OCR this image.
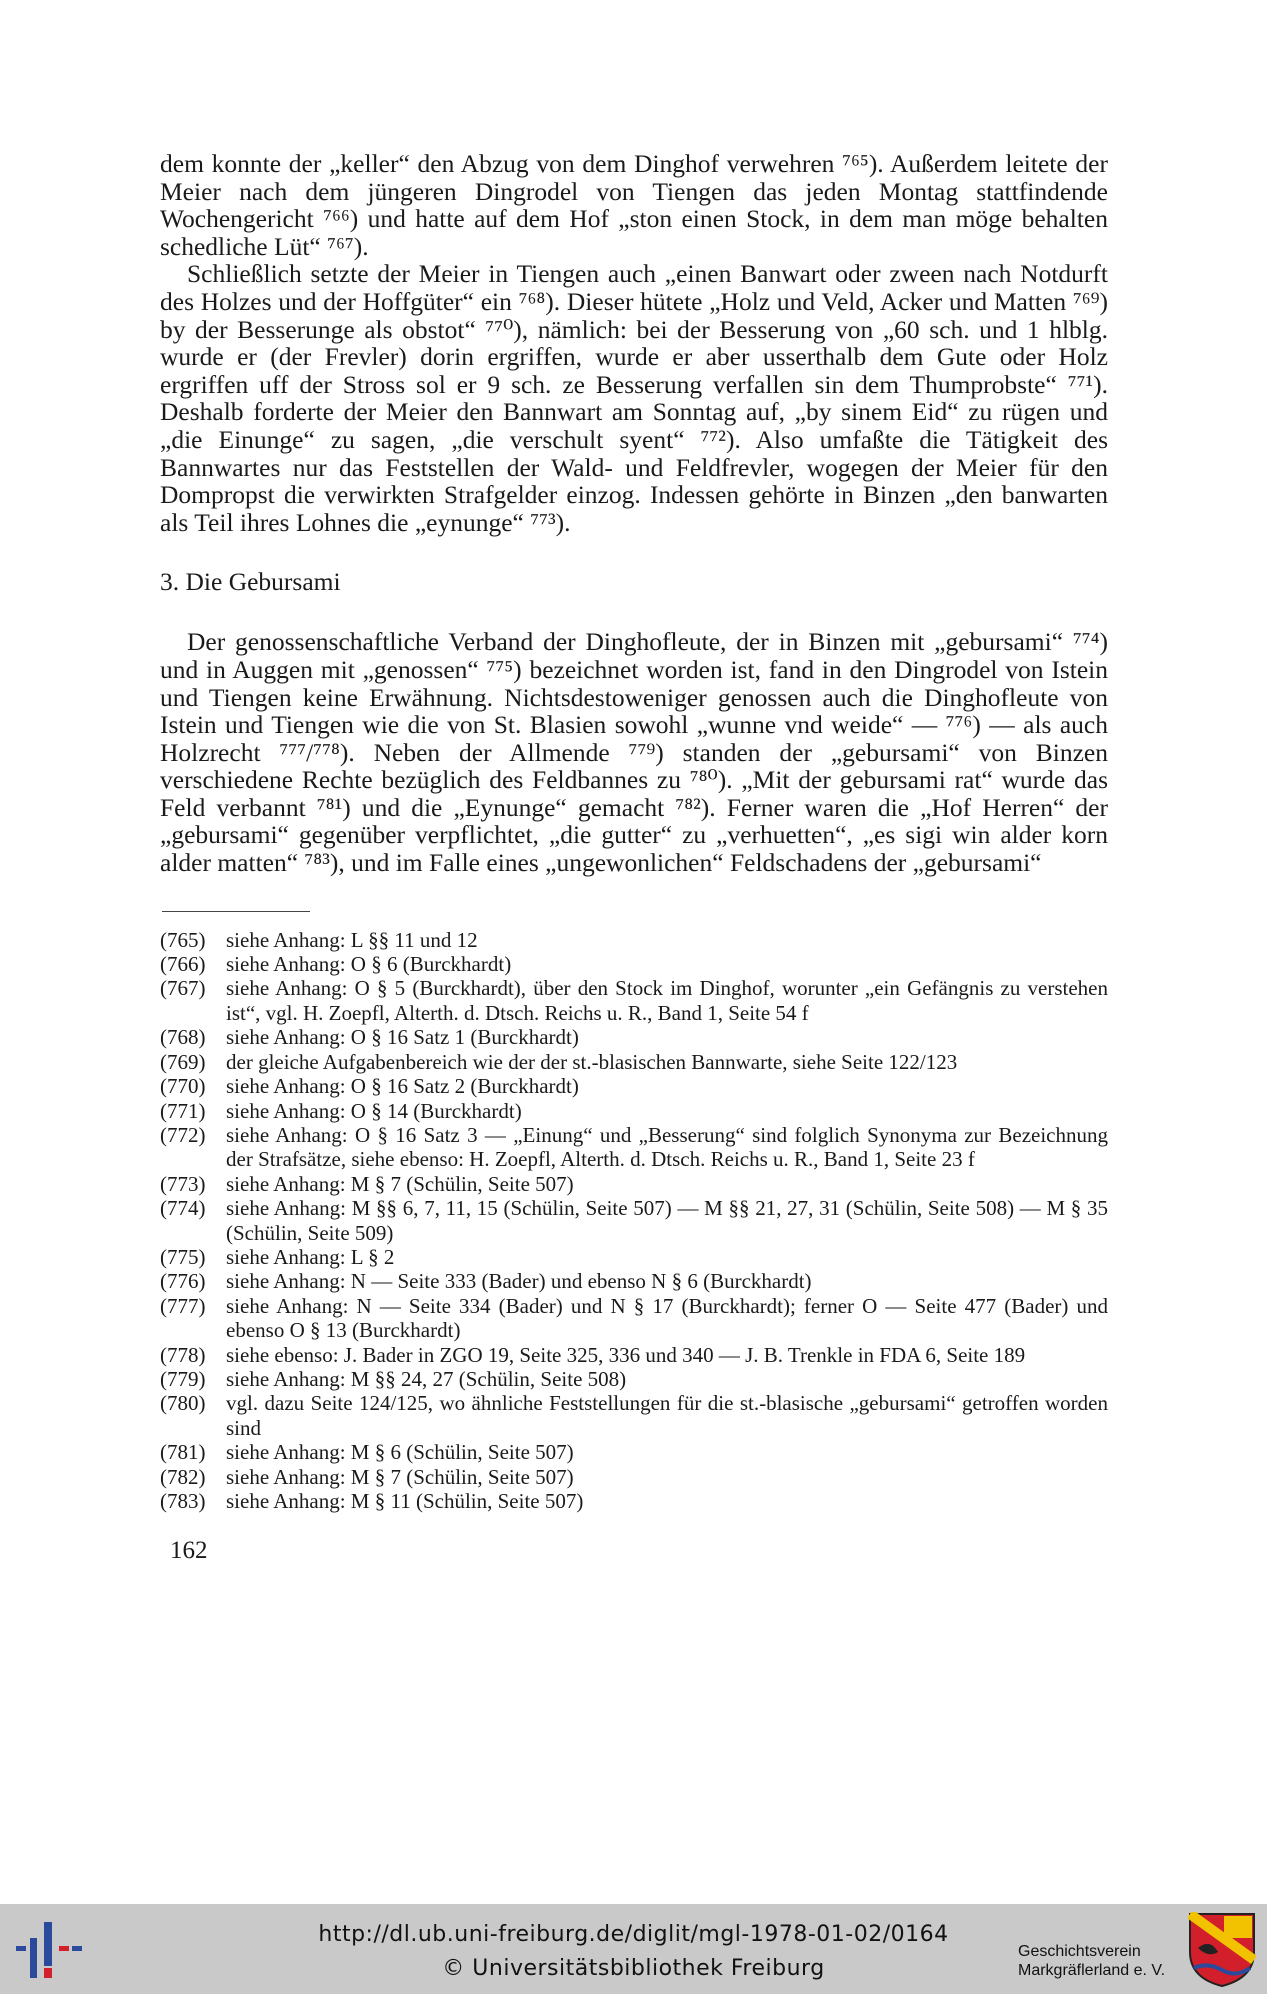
dem konnte der „keller“ den Abzug von dem Dinghof verwehren ⁷⁶⁵). Außerdem leitete der Meier nach dem jüngeren Dingrodel von Tiengen das jeden Montag stattfindende Wochengericht ⁷⁶⁶) und hatte auf dem Hof „ston einen Stock, in dem man möge behalten schedliche Lüt“ ⁷⁶⁷).

Schließlich setzte der Meier in Tiengen auch „einen Banwart oder zween nach Notdurft des Holzes und der Hoffgüter“ ein ⁷⁶⁸). Dieser hütete „Holz und Veld, Acker und Matten ⁷⁶⁹) by der Besserunge als obstot“ ⁷⁷⁰), nämlich: bei der Besserung von „60 sch. und 1 hlblg. wurde er (der Frevler) dorin ergriffen, wurde er aber usserthalb dem Gute oder Holz ergriffen uff der Stross sol er 9 sch. ze Besserung verfallen sin dem Thumprobste“ ⁷⁷¹). Deshalb forderte der Meier den Bannwart am Sonntag auf, „by sinem Eid“ zu rügen und „die Einunge“ zu sagen, „die verschult syent“ ⁷⁷²). Also umfaßte die Tätigkeit des Bannwartes nur das Feststellen der Wald- und Feldfrevler, wogegen der Meier für den Dompropst die verwirkten Strafgelder einzog. Indessen gehörte in Binzen „den banwarten als Teil ihres Lohnes die „eynunge“ ⁷⁷³).

3. Die Gebursami

Der genossenschaftliche Verband der Dinghofleute, der in Binzen mit „gebursami“ ⁷⁷⁴) und in Auggen mit „genossen“ ⁷⁷⁵) bezeichnet worden ist, fand in den Dingrodel von Istein und Tiengen keine Erwähnung. Nichtsdestoweniger genossen auch die Dinghofleute von Istein und Tiengen wie die von St. Blasien sowohl „wunne vnd weide“ — ⁷⁷⁶) — als auch Holzrecht ⁷⁷⁷/⁷⁷⁸). Neben der Allmende ⁷⁷⁹) standen der „gebursami“ von Binzen verschiedene Rechte bezüglich des Feldbannes zu ⁷⁸⁰). „Mit der gebursami rat“ wurde das Feld verbannt ⁷⁸¹) und die „Eynunge“ gemacht ⁷⁸²). Ferner waren die „Hof Herren“ der „gebursami“ gegenüber verpflichtet, „die gutter“ zu „verhuetten“, „es sigi win alder korn alder matten“ ⁷⁸³), und im Falle eines „ungewonlichen“ Feldschadens der „gebursami“

(765) siehe Anhang: L §§ 11 und 12
(766) siehe Anhang: O § 6 (Burckhardt)
(767) siehe Anhang: O § 5 (Burckhardt), über den Stock im Dinghof, worunter „ein Gefängnis zu verstehen ist“, vgl. H. Zoepfl, Alterth. d. Dtsch. Reichs u. R., Band 1, Seite 54 f
(768) siehe Anhang: O § 16 Satz 1 (Burckhardt)
(769) der gleiche Aufgabenbereich wie der der st.-blasischen Bannwarte, siehe Seite 122/123
(770) siehe Anhang: O § 16 Satz 2 (Burckhardt)
(771) siehe Anhang: O § 14 (Burckhardt)
(772) siehe Anhang: O § 16 Satz 3 — „Einung“ und „Besserung“ sind folglich Synonyma zur Bezeichnung der Strafsätze, siehe ebenso: H. Zoepfl, Alterth. d. Dtsch. Reichs u. R., Band 1, Seite 23 f
(773) siehe Anhang: M § 7 (Schülin, Seite 507)
(774) siehe Anhang: M §§ 6, 7, 11, 15 (Schülin, Seite 507) — M §§ 21, 27, 31 (Schülin, Seite 508) — M § 35 (Schülin, Seite 509)
(775) siehe Anhang: L § 2
(776) siehe Anhang: N — Seite 333 (Bader) und ebenso N § 6 (Burckhardt)
(777) siehe Anhang: N — Seite 334 (Bader) und N § 17 (Burckhardt); ferner O — Seite 477 (Bader) und ebenso O § 13 (Burckhardt)
(778) siehe ebenso: J. Bader in ZGO 19, Seite 325, 336 und 340 — J. B. Trenkle in FDA 6, Seite 189
(779) siehe Anhang: M §§ 24, 27 (Schülin, Seite 508)
(780) vgl. dazu Seite 124/125, wo ähnliche Feststellungen für die st.-blasische „gebursami“ getroffen worden sind
(781) siehe Anhang: M § 6 (Schülin, Seite 507)
(782) siehe Anhang: M § 7 (Schülin, Seite 507)
(783) siehe Anhang: M § 11 (Schülin, Seite 507)
162
http://dl.ub.uni-freiburg.de/diglit/mgl-1978-01-02/0164
© Universitätsbibliothek Freiburg
Geschichtsverein
Markgräflerland e. V.
